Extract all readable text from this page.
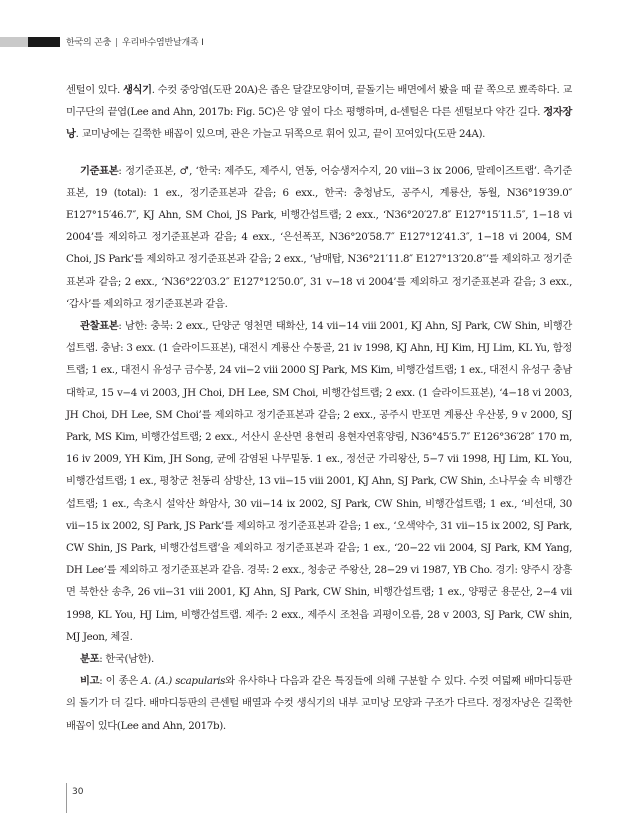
한국의 곤충 | 우리바수염반날개족 I

센털이 있다. 생식기. 수컷 중앙엽(도판 20A)은 좁은 달걀모양이며, 끝돌기는 배면에서 봤을 때 끝 쪽으로 뾰족하다. 교미구단의 끝엽(Lee and Ahn, 2017b: Fig. 5C)은 양 옆이 다소 평행하며, d-센털은 다른 센털보다 약간 길다. 정자장낭. 교미낭에는 길쭉한 배꼽이 있으며, 관은 가늘고 뒤쪽으로 휘어 있고, 끝이 꼬여있다(도판 24A).

기준표본: 정기준표본, ♂, ‘한국: 제주도, 제주시, 연동, 어승생저수지, 20 viii−3 ix 2006, 말레이즈트랩’. 측기준표본, 19 (total): 1 ex., 정기준표본과 같음; 6 exx., 한국: 충청남도, 공주시, 계룡산, 동월, N36°19′39.0″ E127°15′46.7″, KJ Ahn, SM Choi, JS Park, 비행간섭트랩; 2 exx., ‘N36°20′27.8″ E127°15′11.5″, 1−18 vi 2004’를 제외하고 정기준표본과 같음; 4 exx., ‘은선폭포, N36°20′58.7″ E127°12′41.3″, 1−18 vi 2004, SM Choi, JS Park’를 제외하고 정기준표본과 같음; 2 exx., ‘남매탑, N36°21′11.8″ E127°13′20.8″’를 제외하고 정기준표본과 같음; 2 exx., ‘N36°22′03.2″ E127°12′50.0″, 31 v−18 vi 2004’를 제외하고 정기준표본과 같음; 3 exx., ‘갑사’를 제외하고 정기준표본과 같음.

관찰표본: 남한: 충북: 2 exx., 단양군 영천면 태화산, 14 vii−14 viii 2001, KJ Ahn, SJ Park, CW Shin, 비행간섭트랩. 충남: 3 exx. (1 슬라이드표본), 대전시 계룡산 수통골, 21 iv 1998, KJ Ahn, HJ Kim, HJ Lim, KL Yu, 함정트랩; 1 ex., 대전시 유성구 금수봉, 24 vii−2 viii 2000 SJ Park, MS Kim, 비행간섭트랩; 1 ex., 대전시 유성구 충남대학교, 15 v−4 vi 2003, JH Choi, DH Lee, SM Choi, 비행간섭트랩; 2 exx. (1 슬라이드표본), ‘4−18 vi 2003, JH Choi, DH Lee, SM Choi’를 제외하고 정기준표본과 같음; 2 exx., 공주시 반포면 계룡산 우산봉, 9 v 2000, SJ Park, MS Kim, 비행간섭트랩; 2 exx., 서산시 운산면 용현리 용현자연휴양림, N36°45′5.7″ E126°36′28″ 170 m, 16 iv 2009, YH Kim, JH Song, 균에 감염된 나무밑동. 1 ex., 정선군 가리왕산, 5−7 vii 1998, HJ Lim, KL You, 비행간섭트랩; 1 ex., 평창군 천동리 삼방산, 13 vii−15 viii 2001, KJ Ahn, SJ Park, CW Shin, 소나무숲 속 비행간섭트랩; 1 ex., 속초시 설악산 화암사, 30 vii−14 ix 2002, SJ Park, CW Shin, 비행간섭트랩; 1 ex., ‘비선대, 30 vii−15 ix 2002, SJ Park, JS Park’를 제외하고 정기준표본과 같음; 1 ex., ‘오색약수, 31 vii−15 ix 2002, SJ Park, CW Shin, JS Park, 비행간섭트랩’을 제외하고 정기준표본과 같음; 1 ex., ‘20−22 vii 2004, SJ Park, KM Yang, DH Lee’를 제외하고 정기준표본과 같음. 경북: 2 exx., 청송군 주왕산, 28−29 vi 1987, YB Cho. 경기: 양주시 장흥면 북한산 송추, 26 vii−31 viii 2001, KJ Ahn, SJ Park, CW Shin, 비행간섭트랩; 1 ex., 양평군 용문산, 2−4 vii 1998, KL You, HJ Lim, 비행간섭트랩. 제주: 2 exx., 제주시 조천읍 괴평이오름, 28 v 2003, SJ Park, CW shin, MJ Jeon, 체질.

분포: 한국(남한).

비고: 이 종은 A. (A.) scapularis와 유사하나 다음과 같은 특징들에 의해 구분할 수 있다. 수컷 여덟째 배마디등판의 돌기가 더 길다. 배마디등판의 큰센털 배열과 수컷 생식기의 내부 교미낭 모양과 구조가 다르다. 정정자낭은 길쭉한 배꼽이 있다(Lee and Ahn, 2017b).

30
